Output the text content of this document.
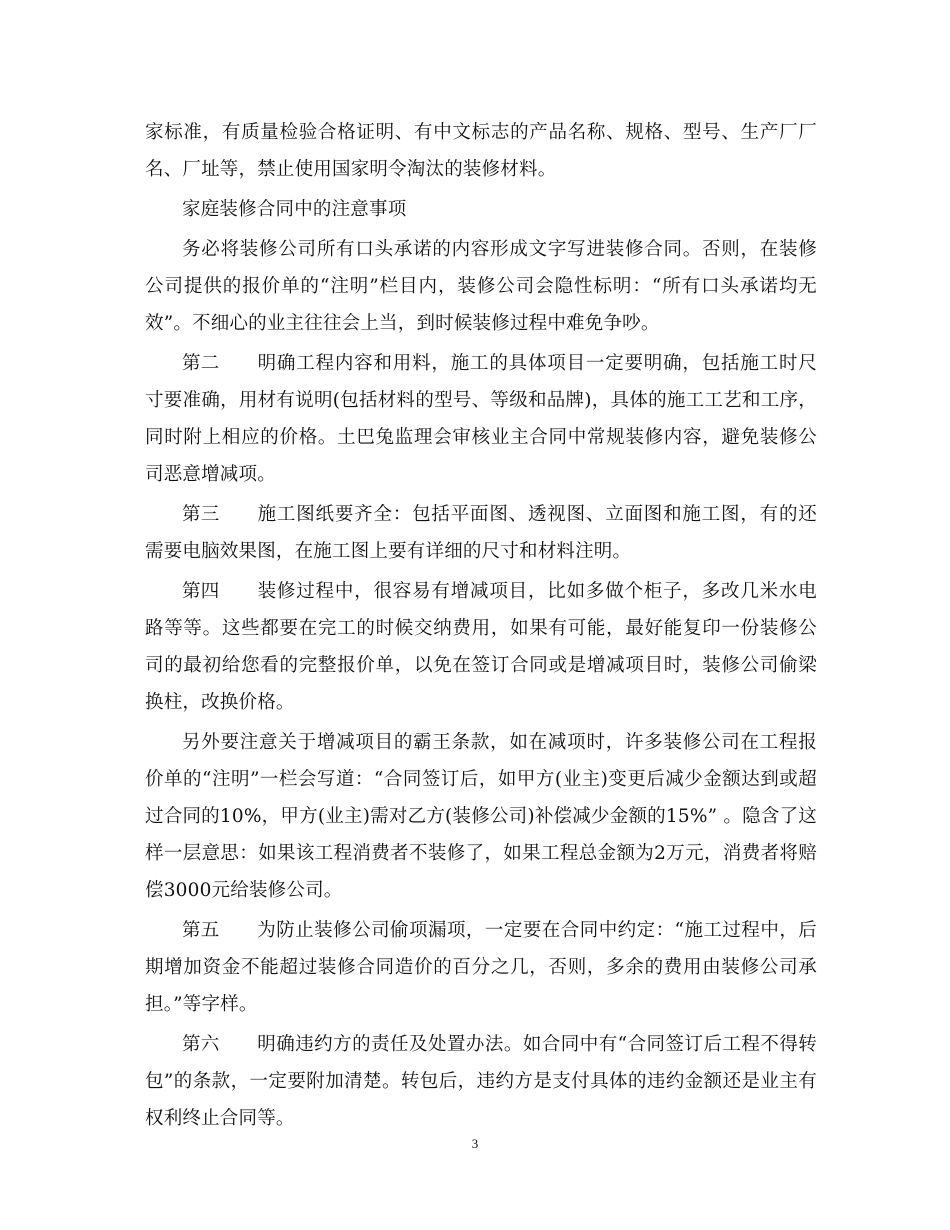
家标准，有质量检验合格证明、有中文标志的产品名称、规格、型号、生产厂厂名、厂址等，禁止使用国家明令淘汰的装修材料。

家庭装修合同中的注意事项

务必将装修公司所有口头承诺的内容形成文字写进装修合同。否则，在装修公司提供的报价单的“注明”栏目内，装修公司会隐性标明：“所有口头承诺均无效”。不细心的业主往往会上当，到时候装修过程中难免争吵。

第二 明确工程内容和用料，施工的具体项目一定要明确，包括施工时尺寸要准确，用材有说明(包括材料的型号、等级和品牌)，具体的施工工艺和工序，同时附上相应的价格。土巴兔监理会审核业主合同中常规装修内容，避免装修公司恶意增减项。

第三 施工图纸要齐全：包括平面图、透视图、立面图和施工图，有的还需要电脑效果图，在施工图上要有详细的尺寸和材料注明。

第四 装修过程中，很容易有增减项目，比如多做个柜子，多改几米水电路等等。这些都要在完工的时候交纳费用，如果有可能，最好能复印一份装修公司的最初给您看的完整报价单，以免在签订合同或是增减项目时，装修公司偷梁换柱，改换价格。

另外要注意关于增减项目的霸王条款，如在减项时，许多装修公司在工程报价单的“注明”一栏会写道：“合同签订后，如甲方(业主)变更后减少金额达到或超过合同的10%，甲方(业主)需对乙方(装修公司)补偿减少金额的15%” 。隐含了这样一层意思：如果该工程消费者不装修了，如果工程总金额为2万元，消费者将赔偿3000元给装修公司。

第五 为防止装修公司偷项漏项，一定要在合同中约定：“施工过程中，后期增加资金不能超过装修合同造价的百分之几，否则，多余的费用由装修公司承担。”等字样。

第六 明确违约方的责任及处置办法。如合同中有“合同签订后工程不得转包”的条款，一定要附加清楚。转包后，违约方是支付具体的违约金额还是业主有权利终止合同等。

3
